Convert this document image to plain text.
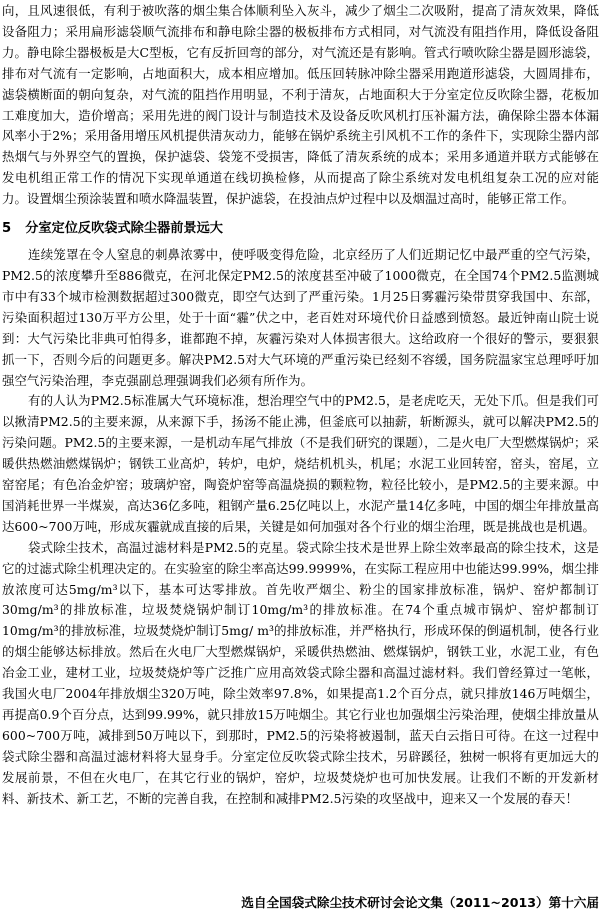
向，且风速很低，有利于被吹落的烟尘集合体顺利坠入灰斗，减少了烟尘二次吸附，提高了清灰效果，降低设备阻力；采用扁形滤袋顺气流排布和静电除尘器的极板排布方式相同，对气流没有阻挡作用，降低设备阻力。静电除尘器极板是大C型板，它有反折回弯的部分，对气流还是有影响。管式行喷吹除尘器是圆形滤袋，排布对气流有一定影响，占地面积大，成本相应增加。低压回转脉冲除尘器采用跑道形滤袋，大圆周排布，滤袋横断面的朝向复杂，对气流的阻挡作用明显，不利于清灰，占地面积大于分室定位反吹除尘器，花板加工难度加大，造价增高；采用先进的阀门设计与制造技术及设备反吹风机打压补漏方法，确保除尘器本体漏风率小于2%；采用备用增压风机提供清灰动力，能够在锅炉系统主引风机不工作的条件下，实现除尘器内部热烟气与外界空气的置换，保护滤袋、袋笼不受损害，降低了清灰系统的成本；采用多通道并联方式能够在发电机组正常工作的情况下实现单通道在线切换检修，从而提高了除尘系统对发电机组复杂工况的应对能力。设置烟尘预涂装置和喷水降温装置，保护滤袋，在投油点炉过程中以及烟温过高时，能够正常工作。

5 分室定位反吹袋式除尘器前景远大

连续笼罩在令人窒息的刺鼻浓雾中，使呼吸变得危险，北京经历了人们近期记忆中最严重的空气污染，PM2.5的浓度攀升至886微克，在河北保定PM2.5的浓度甚至冲破了1000微克，在全国74个PM2.5监测城市中有33个城市检测数据超过300微克，即空气达到了严重污染。1月25日雾霾污染带贯穿我国中、东部，污染面积超过130万平方公里，处于十面“霾”伏之中，老百姓对环境代价日益感到愤怒。最近钟南山院士说到：大气污染比非典可怕得多，谁都跑不掉，灰霾污染对人体损害很大。这给政府一个很好的警示，要狠狠抓一下，否则今后的问题更多。解决PM2.5对大气环境的严重污染已经刻不容缓，国务院温家宝总理呼吁加强空气污染治理，李克强副总理强调我们必须有所作为。

有的人认为PM2.5标准属大气环境标准，想治理空气中的PM2.5，是老虎吃天，无处下爪。但是我们可以揪清PM2.5的主要来源，从来源下手，扬汤不能止沸，但釜底可以抽薪，斩断源头，就可以解决PM2.5的污染问题。PM2.5的主要来源，一是机动车尾气排放（不是我们研究的课题），二是火电厂大型燃煤锅炉；采暖供热燃油燃煤锅炉；钢铁工业高炉，转炉，电炉，烧结机机头，机尾；水泥工业回转窑，窑头，窑尾，立窑窑尾；有色冶金炉窑；玻璃炉窑，陶瓷炉窑等高温烧损的颗粒物，粒径比较小，是PM2.5的主要来源。中国消耗世界一半煤炭，高达36亿多吨，粗钢产量6.25亿吨以上，水泥产量14亿多吨，中国的烟尘年排放量高达600~700万吨，形成灰霾就成直接的后果，关键是如何加强对各个行业的烟尘治理，既是挑战也是机遇。

袋式除尘技术，高温过滤材料是PM2.5的克星。袋式除尘技术是世界上除尘效率最高的除尘技术，这是它的过滤式除尘机理决定的。在实验室的除尘率高达99.9999%，在实际工程应用中也能达99.99%，烟尘排放浓度可达5mg/m³以下，基本可达零排放。首先收严烟尘、粉尘的国家排放标准，锅炉、窑炉都制订30mg/m³的排放标准，垃圾焚烧锅炉制订10mg/m³的排放标准。在74个重点城市锅炉、窑炉都制订10mg/m³的排放标准，垃圾焚烧炉制订5mg/ m³的排放标准，并严格执行，形成环保的倒逼机制，使各行业的烟尘能够达标排放。然后在火电厂大型燃煤锅炉，采暖供热燃油、燃煤锅炉，钢铁工业，水泥工业，有色冶金工业，建材工业，垃圾焚烧炉等广泛推广应用高效袋式除尘器和高温过滤材料。我们曾经算过一笔帐，我国火电厂2004年排放烟尘320万吨，除尘效率97.8%，如果提高1.2个百分点，就只排放146万吨烟尘，再提高0.9个百分点，达到99.99%，就只排放15万吨烟尘。其它行业也加强烟尘污染治理，使烟尘排放量从600~700万吨，减排到50万吨以下，到那时，PM2.5的污染将被遏制，蓝天白云指日可待。在这一过程中袋式除尘器和高温过滤材料将大显身手。分室定位反吹袋式除尘技术，另辟蹊径，独树一帜将有更加远大的发展前景，不但在火电厂，在其它行业的锅炉，窑炉，垃圾焚烧炉也可加快发展。让我们不断的开发新材料、新技术、新工艺，不断的完善自我，在控制和减排PM2.5污染的攻坚战中，迎来又一个发展的春天！

选自全国袋式除尘技术研讨会论文集（2011~2013）第十六届
